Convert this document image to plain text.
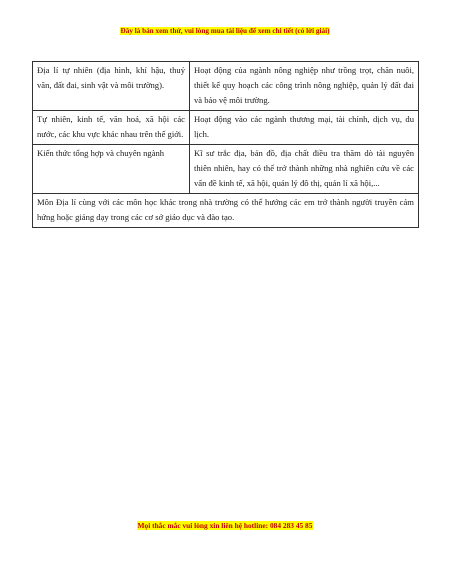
Đây là bản xem thử, vui lòng mua tài liệu để xem chi tiết (có lời giải)
Địa lí tự nhiên (địa hình, khí hậu, thuỷ văn, đất đai, sinh vật và môi trường).	Hoạt động của ngành nông nghiệp như trồng trọt, chăn nuôi, thiết kế quy hoạch các công trình nông nghiệp, quản lý đất đai và bảo vệ môi trường.
Tự nhiên, kinh tế, văn hoá, xã hội các nước, các khu vực khác nhau trên thế giới.	Hoạt động vào các ngành thương mại, tài chính, dịch vụ, du lịch.
Kiến thức tổng hợp và chuyên ngành	Kĩ sư trắc địa, bản đồ, địa chất điều tra thăm dò tài nguyên thiên nhiên, hay có thể trở thành những nhà nghiên cứu về các vấn đề kinh tế, xã hội, quản lý đô thị, quản lí xã hội,...
Môn Địa lí cùng với các môn học khác trong nhà trường có thể hướng các em trở thành người truyền cảm hứng hoặc giảng dạy trong các cơ sở giáo dục và đào tạo.	
Mọi thắc mắc vui lòng xin liên hệ hotline: 084 283 45 85
